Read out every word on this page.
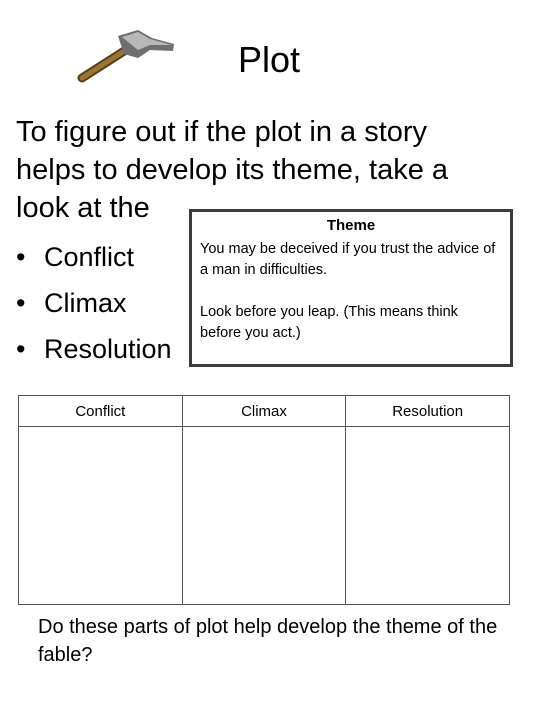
Plot
To figure out if the plot in a story helps to develop its theme, take a look at the
• Conflict
• Climax
• Resolution
Theme

You may be deceived if you trust the advice of a man in difficulties.

Look before you leap. (This means think before you act.)

Conflict	Climax	Resolution

Do these parts of plot help develop the theme of the fable?
